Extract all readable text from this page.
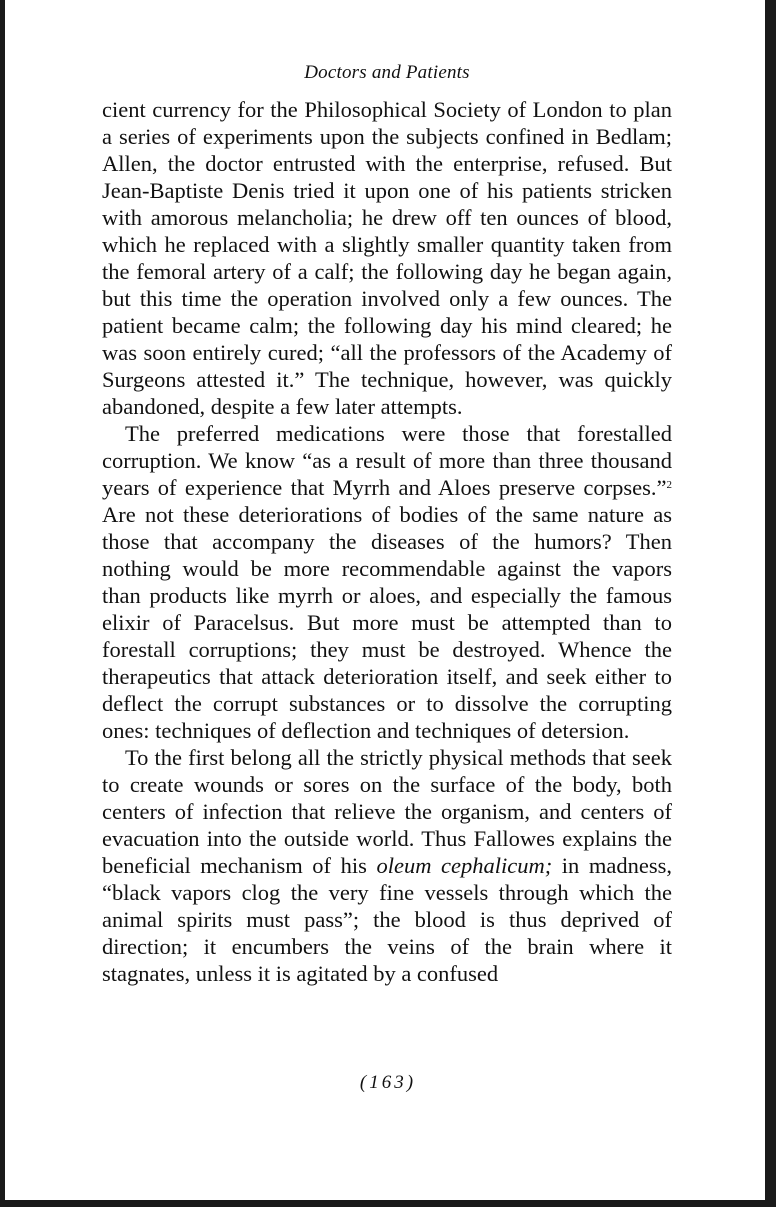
Doctors and Patients

cient currency for the Philosophical Society of London to plan a series of experiments upon the subjects confined in Bedlam; Allen, the doctor entrusted with the enterprise, refused. But Jean-Baptiste Denis tried it upon one of his patients stricken with amorous melancholia; he drew off ten ounces of blood, which he replaced with a slightly smaller quantity taken from the femoral artery of a calf; the following day he began again, but this time the operation involved only a few ounces. The patient became calm; the following day his mind cleared; he was soon entirely cured; “all the professors of the Academy of Surgeons attested it.” The technique, however, was quickly abandoned, despite a few later attempts.

The preferred medications were those that forestalled corruption. We know “as a result of more than three thousand years of experience that Myrrh and Aloes preserve corpses.”$^2$ Are not these deteriorations of bodies of the same nature as those that accompany the diseases of the humors? Then nothing would be more recommendable against the vapors than products like myrrh or aloes, and especially the famous elixir of Paracelsus. But more must be attempted than to forestall corruptions; they must be destroyed. Whence the therapeutics that attack deterioration itself, and seek either to deflect the corrupt substances or to dissolve the corrupting ones: techniques of deflection and techniques of detersion.

To the first belong all the strictly physical methods that seek to create wounds or sores on the surface of the body, both centers of infection that relieve the organism, and centers of evacuation into the outside world. Thus Fallowes explains the beneficial mechanism of his oleum cephalicum; in madness, “black vapors clog the very fine vessels through which the animal spirits must pass”; the blood is thus deprived of direction; it encumbers the veins of the brain where it stagnates, unless it is agitated by a confused

(163)
